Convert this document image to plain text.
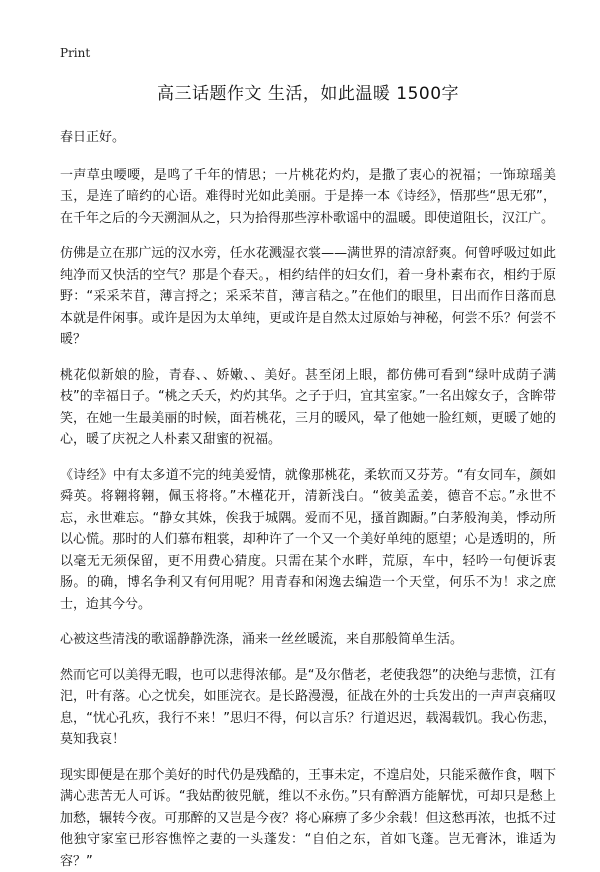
Print
高三话题作文 生活，如此温暖 1500字

春日正好。

一声草虫喓喓，是鸣了千年的情思；一片桃花灼灼，是撒了衷心的祝福；一饰琼瑶美玉，是连了暗约的心语。难得时光如此美丽。于是捧一本《诗经》，悟那些“思无邪”，在千年之后的今天溯洄从之，只为拾得那些淳朴歌谣中的温暖。即使道阻长，汉江广。

仿佛是立在那广远的汉水旁，任水花溅湿衣裳——满世界的清凉舒爽。何曾呼吸过如此纯净而又快活的空气？那是个春天。，相约结伴的妇女们，着一身朴素布衣，相约于原野：“采采芣苜，薄言捋之；采采芣苜，薄言秸之。”在他们的眼里，日出而作日落而息本就是件闲事。或许是因为太单纯，更或许是自然太过原始与神秘，何尝不乐？何尝不暖？

桃花似新娘的脸，青春、、娇嫩、、美好。甚至闭上眼，都仿佛可看到“绿叶成荫子满枝”的幸福日子。“桃之夭夭，灼灼其华。之子于归，宜其室家。”一名出嫁女子，含眸带笑，在她一生最美丽的时候，面若桃花，三月的暖风，晕了他她一脸红颊，更暖了她的心，暖了庆祝之人朴素又甜蜜的祝福。

《诗经》中有太多道不完的纯美爱情，就像那桃花，柔软而又芬芳。“有女同车，颜如舜英。将翱将翱，佩玉将将。”木槿花开，清新浅白。“彼美孟姜，德音不忘。”永世不忘，永世难忘。“静女其姝，俟我于城隅。爱而不见，搔首踟蹰。”白茅般洵美，悸动所以心慌。那时的人们慕布粗裳，却种许了一个又一个美好单纯的愿望；心是透明的，所以毫无无须保留，更不用费心猜度。只需在某个水畔，荒原，车中，轻吟一句便诉衷肠。的确，博名争利又有何用呢？用青春和闲逸去编造一个天堂，何乐不为！求之庶士，迨其今兮。

心被这些清浅的歌谣静静洗涤，涌来一丝丝暖流，来自那般简单生活。

然而它可以美得无暇，也可以悲得浓郁。是“及尔偕老，老使我怨”的决绝与悲愤，江有汜，叶有落。心之忧矣，如匪浣衣。是长路漫漫，征战在外的士兵发出的一声声哀痛叹息，“忧心孔疚，我行不来！”思归不得，何以言乐？行道迟迟，载渴载饥。我心伤悲，莫知我哀！

现实即便是在那个美好的时代仍是残酷的，王事未定，不遑启处，只能采薇作食，咽下满心悲苦无人可诉。“我姑酌彼兕觥，维以不永伤。”只有醉酒方能解忧，可却只是愁上加愁，辗转今夜。可那醉的又岂是今夜？将心麻痹了多少余载！但这愁再浓，也抵不过他独守家室已形容憔悴之妻的一头蓬发：“自伯之东，首如飞蓬。岂无膏沐，谁适为容？”
